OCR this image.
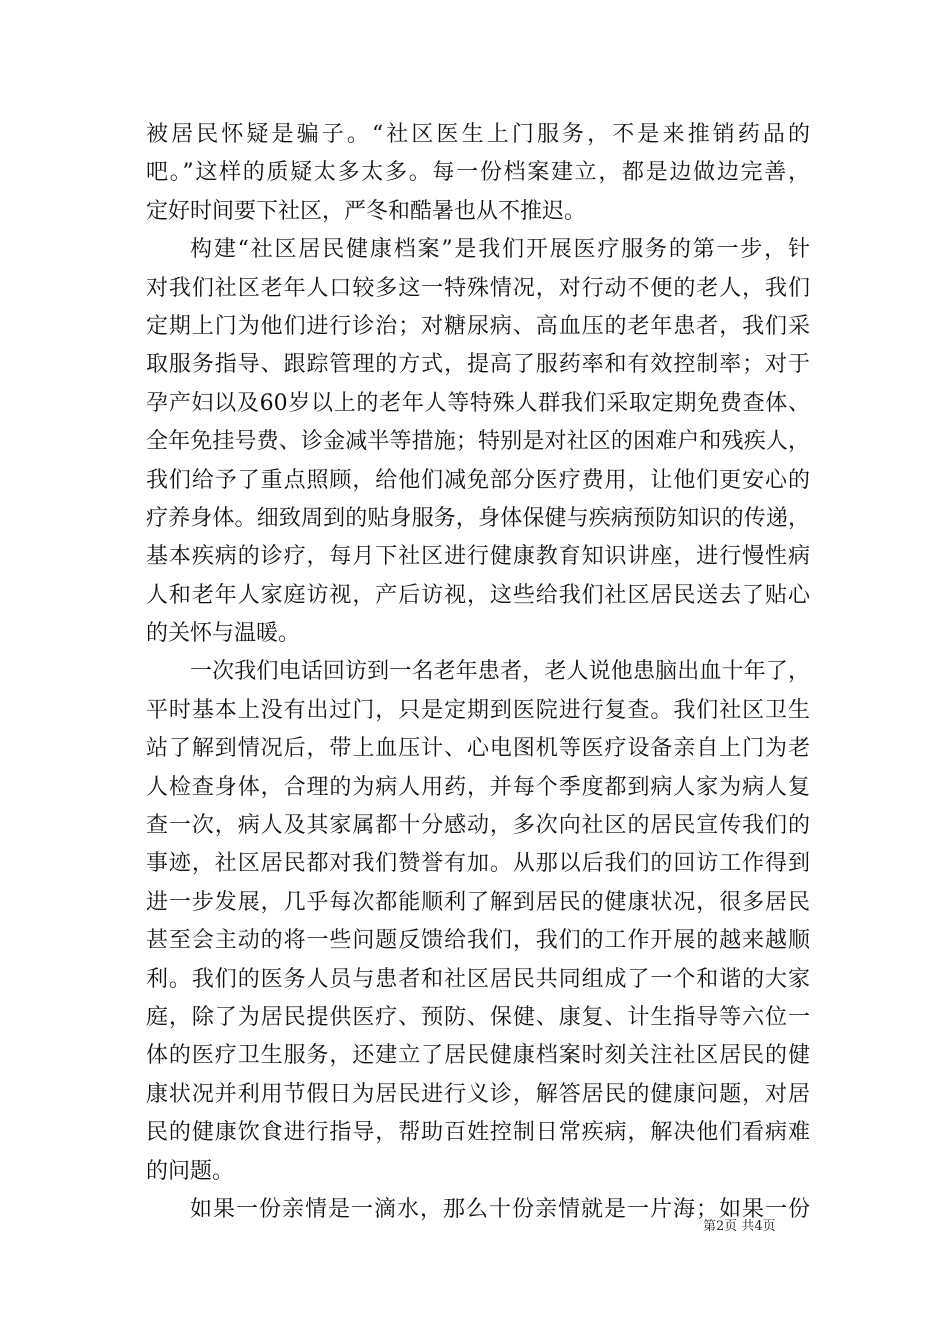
被居民怀疑是骗子。“社区医生上门服务，不是来推销药品的
吧。”这样的质疑太多太多。每一份档案建立，都是边做边完善，
定好时间要下社区，严冬和酷暑也从不推迟。
构建“社区居民健康档案”是我们开展医疗服务的第一步，针
对我们社区老年人口较多这一特殊情况，对行动不便的老人，我们
定期上门为他们进行诊治；对糖尿病、高血压的老年患者，我们采
取服务指导、跟踪管理的方式，提高了服药率和有效控制率；对于
孕产妇以及60岁以上的老年人等特殊人群我们采取定期免费查体、
全年免挂号费、诊金减半等措施；特别是对社区的困难户和残疾人，
我们给予了重点照顾，给他们减免部分医疗费用，让他们更安心的
疗养身体。细致周到的贴身服务，身体保健与疾病预防知识的传递，
基本疾病的诊疗，每月下社区进行健康教育知识讲座，进行慢性病
人和老年人家庭访视，产后访视，这些给我们社区居民送去了贴心
的关怀与温暖。
一次我们电话回访到一名老年患者，老人说他患脑出血十年了，
平时基本上没有出过门，只是定期到医院进行复查。我们社区卫生
站了解到情况后，带上血压计、心电图机等医疗设备亲自上门为老
人检查身体，合理的为病人用药，并每个季度都到病人家为病人复
查一次，病人及其家属都十分感动，多次向社区的居民宣传我们的
事迹，社区居民都对我们赞誉有加。从那以后我们的回访工作得到
进一步发展，几乎每次都能顺利了解到居民的健康状况，很多居民
甚至会主动的将一些问题反馈给我们，我们的工作开展的越来越顺
利。我们的医务人员与患者和社区居民共同组成了一个和谐的大家
庭，除了为居民提供医疗、预防、保健、康复、计生指导等六位一
体的医疗卫生服务，还建立了居民健康档案时刻关注社区居民的健
康状况并利用节假日为居民进行义诊，解答居民的健康问题，对居
民的健康饮食进行指导，帮助百姓控制日常疾病，解决他们看病难
的问题。
如果一份亲情是一滴水，那么十份亲情就是一片海；如果一份
第2页 共4页
